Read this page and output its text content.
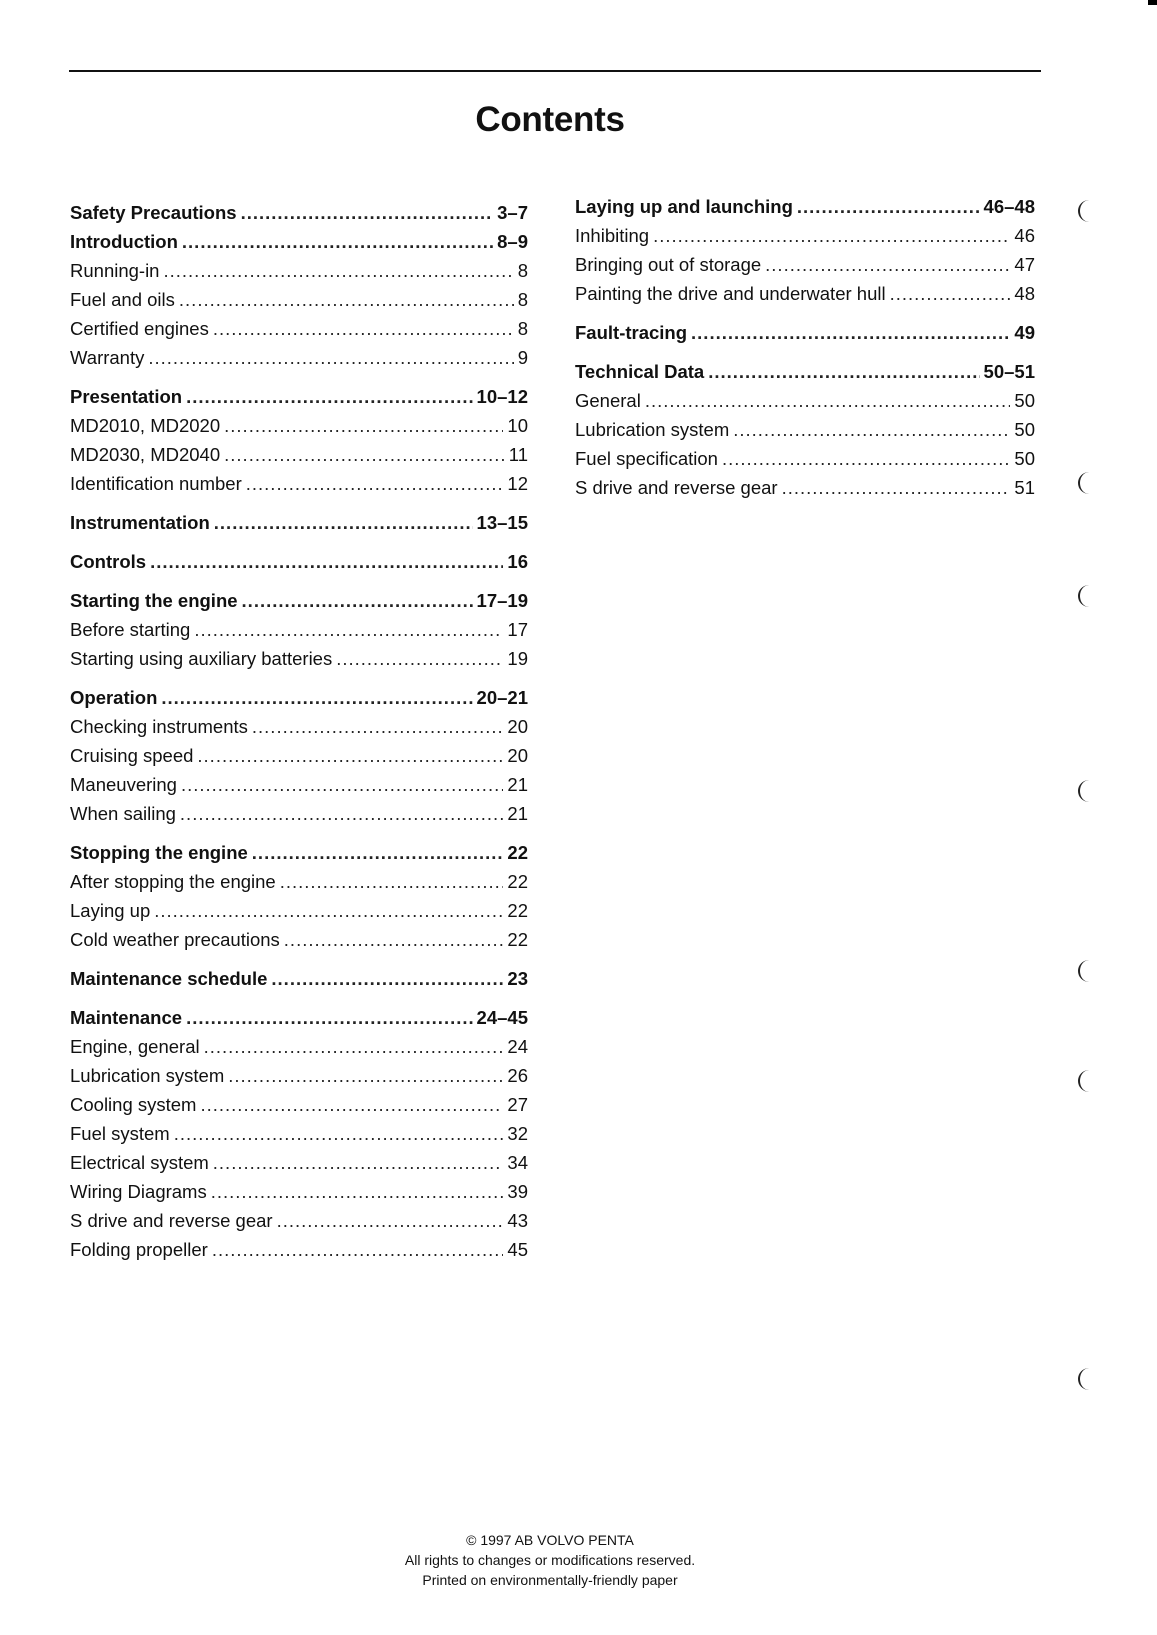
Contents
Safety Precautions .....	3–7
Introduction .....	8–9
Running-in .....	8
Fuel and oils .....	8
Certified engines .....	8
Warranty .....	9
Presentation .....	10–12
MD2010, MD2020 .....	10
MD2030, MD2040 .....	11
Identification number .....	12
Instrumentation .....	13–15
Controls .....	16
Starting the engine .....	17–19
Before starting .....	17
Starting using auxiliary batteries .....	19
Operation .....	20–21
Checking instruments .....	20
Cruising speed .....	20
Maneuvering .....	21
When sailing .....	21
Stopping the engine .....	22
After stopping the engine .....	22
Laying up .....	22
Cold weather precautions .....	22
Maintenance schedule .....	23
Maintenance .....	24–45
Engine, general .....	24
Lubrication system .....	26
Cooling system .....	27
Fuel system .....	32
Electrical system .....	34
Wiring Diagrams .....	39
S drive and reverse gear .....	43
Folding propeller .....	45
Laying up and launching .....	46–48
Inhibiting .....	46
Bringing out of storage .....	47
Painting the drive and underwater hull .....	48
Fault-tracing .....	49
Technical Data .....	50–51
General .....	50
Lubrication system .....	50
Fuel specification .....	50
S drive and reverse gear .....	51
© 1997 AB VOLVO PENTA
All rights to changes or modifications reserved.
Printed on environmentally-friendly paper
